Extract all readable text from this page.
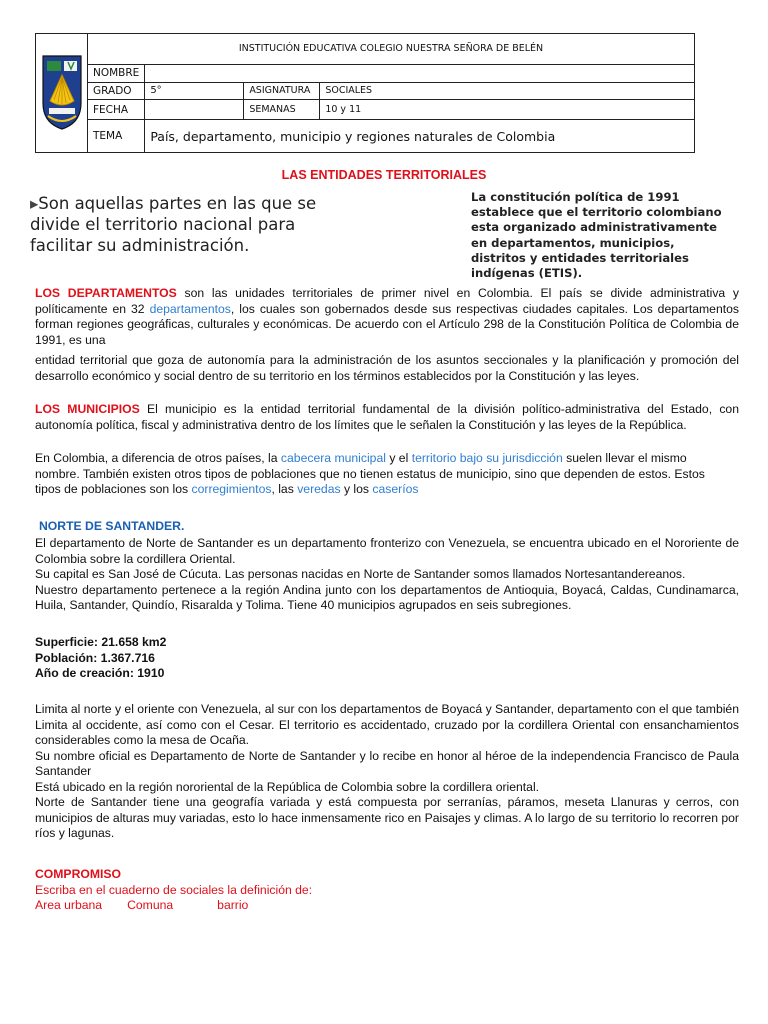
	INSTITUCIÓN EDUCATIVA COLEGIO NUESTRA SEÑORA DE BELÉN			
	NOMBRE			
	GRADO	5°	ASIGNATURA	SOCIALES
	FECHA		SEMANAS	10 y 11
	TEMA	País, departamento, municipio y regiones naturales de Colombia		
LAS ENTIDADES TERRITORIALES
▸Son aquellas partes en las que se divide el territorio nacional para facilitar su administración.
La constitución política de 1991 establece que el territorio colombiano esta organizado administrativamente en departamentos, municipios, distritos y entidades territoriales indígenas (ETIS).
LOS DEPARTAMENTOS son las unidades territoriales de primer nivel en Colombia. El país se divide administrativa y políticamente en 32 departamentos, los cuales son gobernados desde sus respectivas ciudades capitales. Los departamentos forman regiones geográficas, culturales y económicas. De acuerdo con el Artículo 298 de la Constitución Política de Colombia de 1991, es una
entidad territorial que goza de autonomía para la administración de los asuntos seccionales y la planificación y promoción del desarrollo económico y social dentro de su territorio en los términos establecidos por la Constitución y las leyes.
LOS MUNICIPIOS El municipio es la entidad territorial fundamental de la división político-administrativa del Estado, con autonomía política, fiscal y administrativa dentro de los límites que le señalen la Constitución y las leyes de la República.
En Colombia, a diferencia de otros países, la cabecera municipal y el territorio bajo su jurisdicción suelen llevar el mismo nombre. También existen otros tipos de poblaciones que no tienen estatus de municipio, sino que dependen de estos. Estos tipos de poblaciones son los corregimientos, las veredas y los caseríos
NORTE DE SANTANDER.
El departamento de Norte de Santander es un departamento fronterizo con Venezuela, se encuentra ubicado en el Nororiente de Colombia sobre la cordillera Oriental.
Su capital es San José de Cúcuta. Las personas nacidas en Norte de Santander somos llamados Nortesantandereanos.
Nuestro departamento pertenece a la región Andina junto con los departamentos de Antioquia, Boyacá, Caldas, Cundinamarca, Huila, Santander, Quindío, Risaralda y Tolima. Tiene 40 municipios agrupados en seis subregiones.
Superficie: 21.658 km2
Población: 1.367.716
Año de creación: 1910
Limita al norte y el oriente con Venezuela, al sur con los departamentos de Boyacá y Santander, departamento con el que también Limita al occidente, así como con el Cesar. El territorio es accidentado, cruzado por la cordillera Oriental con ensanchamientos considerables como la mesa de Ocaña.
Su nombre oficial es Departamento de Norte de Santander y lo recibe en honor al héroe de la independencia Francisco de Paula Santander
Está ubicado en la región nororiental de la República de Colombia sobre la cordillera oriental.
Norte de Santander tiene una geografía variada y está compuesta por serranías, páramos, meseta Llanuras y cerros, con municipios de alturas muy variadas, esto lo hace inmensamente rico en Paisajes y climas. A lo largo de su territorio lo recorren por ríos y lagunas.
COMPROMISO
Escriba en el cuaderno de sociales la definición de:
Area urbana Comuna	barrio
